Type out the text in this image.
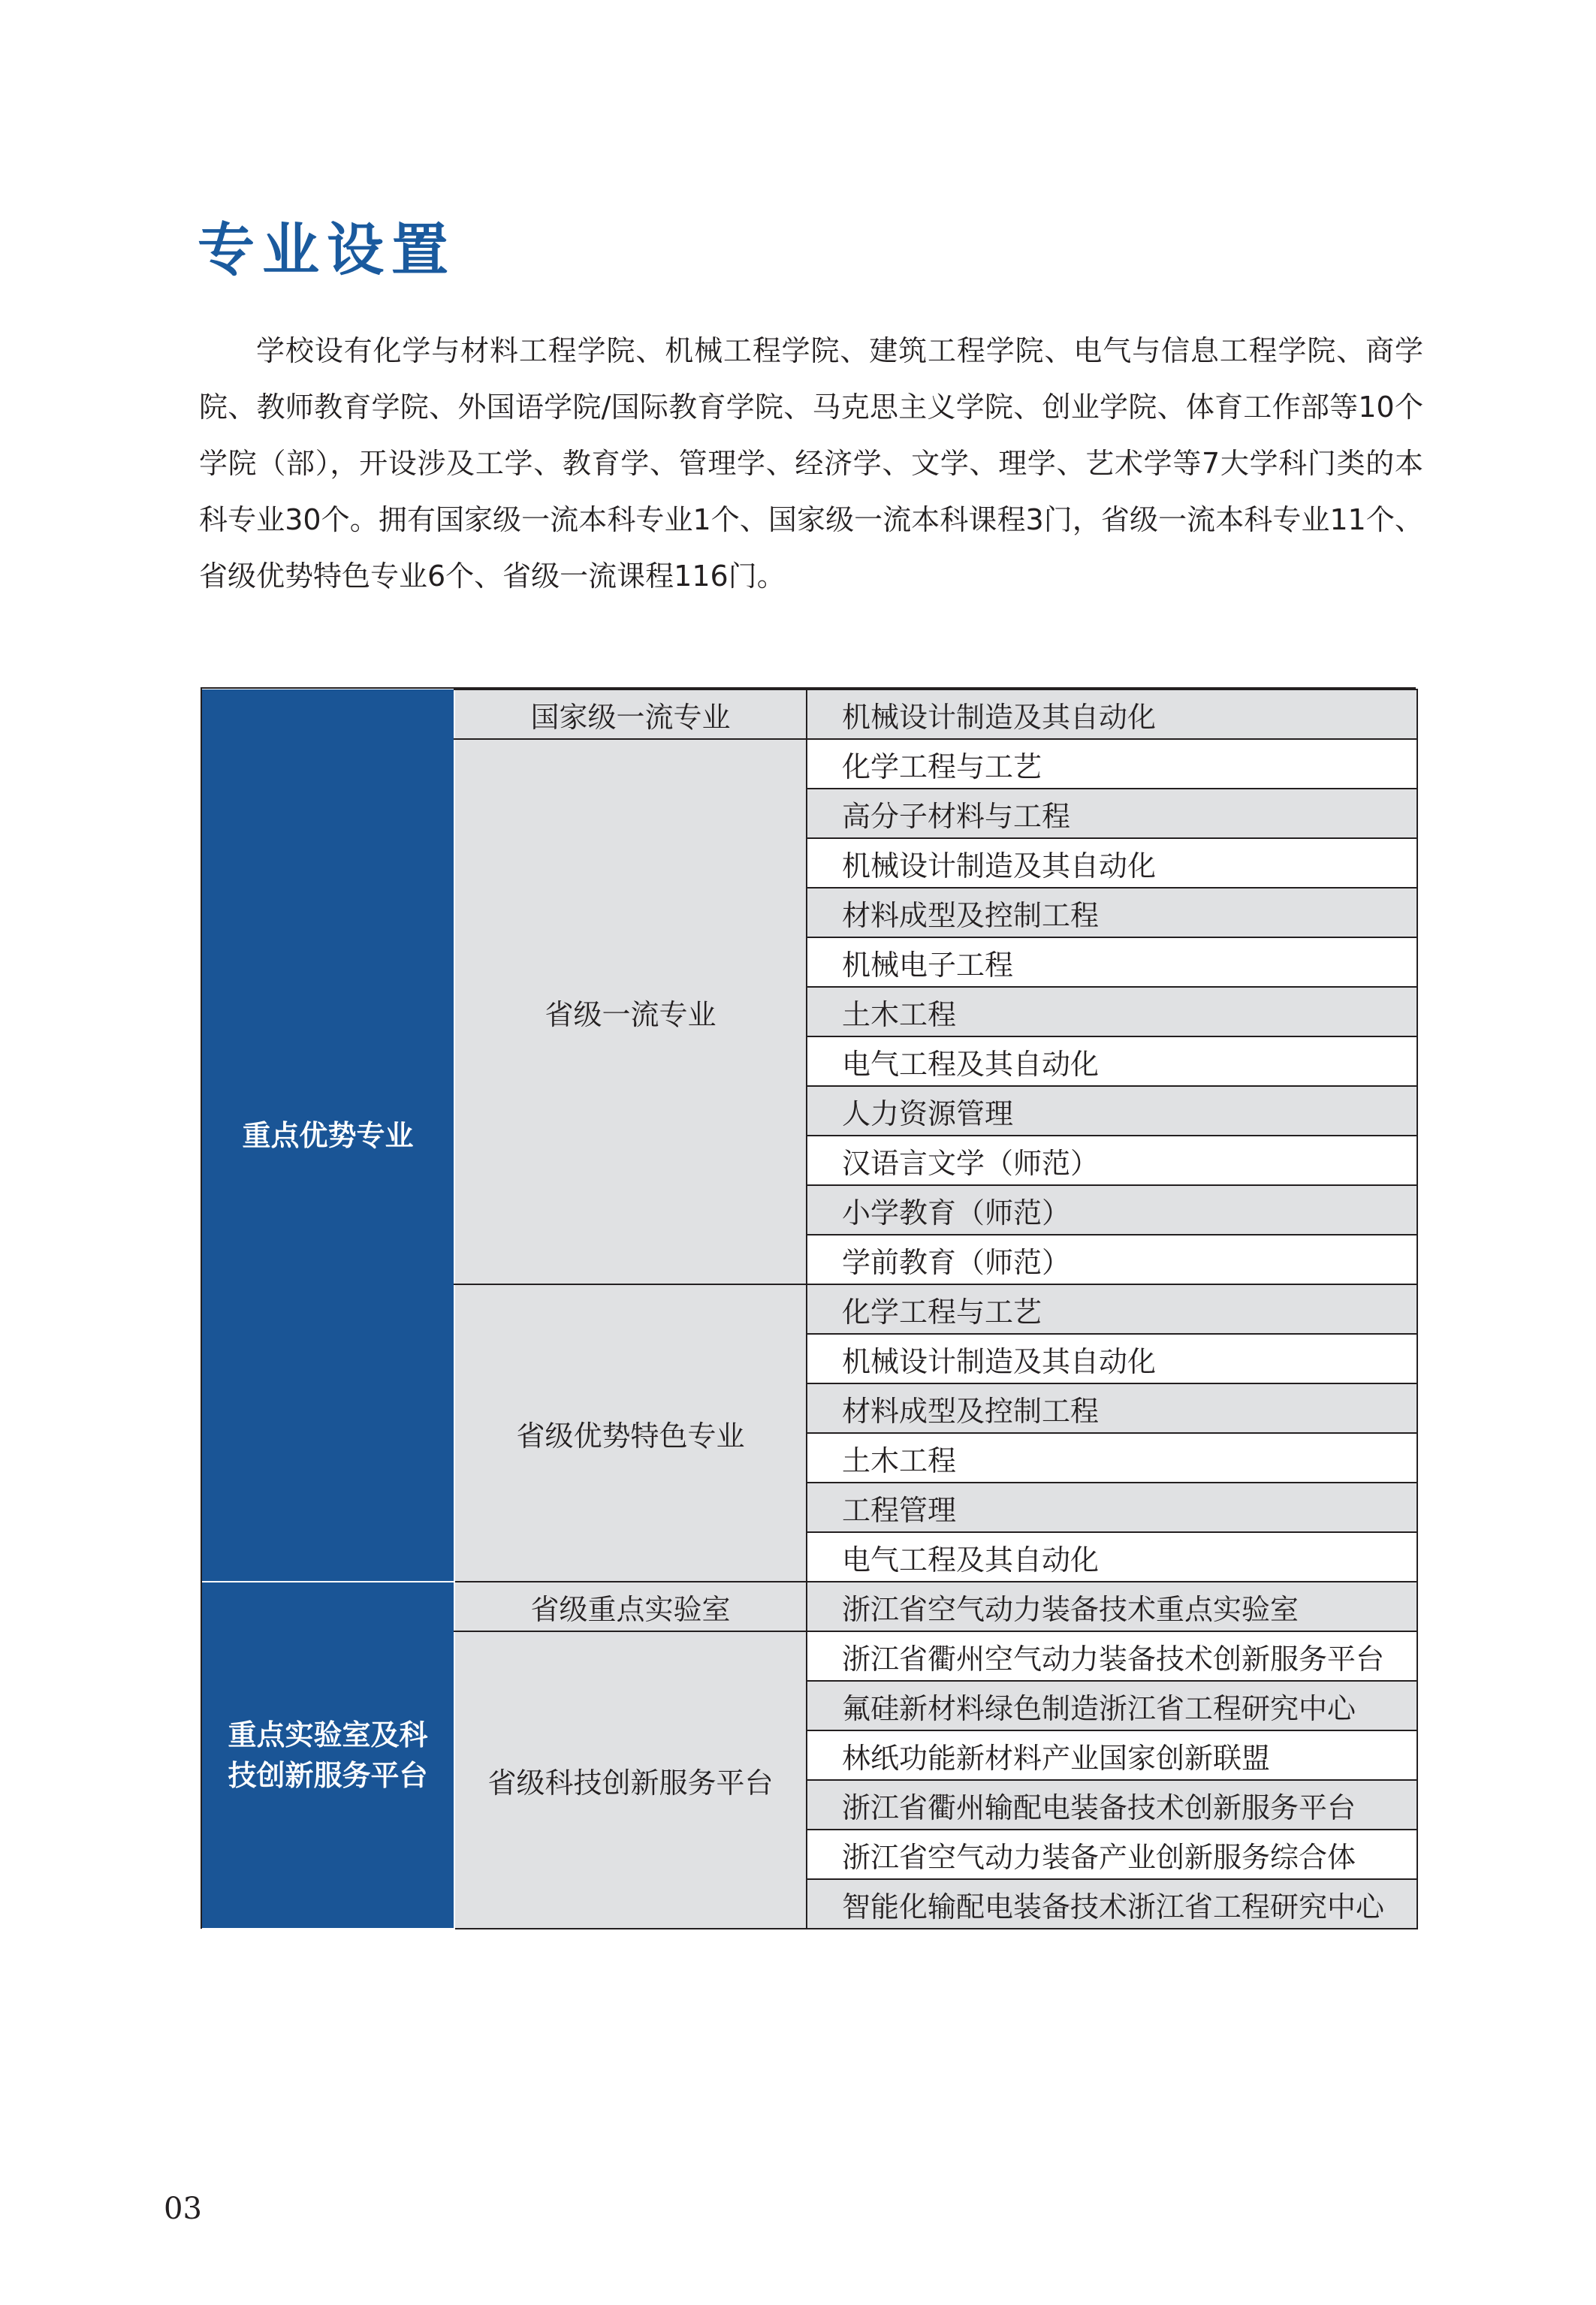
专业设置

学校设有化学与材料工程学院、机械工程学院、建筑工程学院、电气与信息工程学院、商学院、教师教育学院、外国语学院/国际教育学院、马克思主义学院、创业学院、体育工作部等10个学院（部），开设涉及工学、教育学、管理学、经济学、文学、理学、艺术学等7大学科门类的本科专业30个。拥有国家级一流本科专业1个、国家级一流本科课程3门，省级一流本科专业11个、省级优势特色专业6个、省级一流课程116门。

重点优势专业	国家级一流专业	机械设计制造及其自动化
	省级一流专业	化学工程与工艺
		高分子材料与工程
		机械设计制造及其自动化
		材料成型及控制工程
		机械电子工程
		土木工程
		电气工程及其自动化
		人力资源管理
		汉语言文学（师范）
		小学教育（师范）
		学前教育（师范）
	省级优势特色专业	化学工程与工艺
		机械设计制造及其自动化
		材料成型及控制工程
		土木工程
		工程管理
		电气工程及其自动化
重点实验室及科技创新服务平台	省级重点实验室	浙江省空气动力装备技术重点实验室
	省级科技创新服务平台	浙江省衢州空气动力装备技术创新服务平台
		氟硅新材料绿色制造浙江省工程研究中心
		林纸功能新材料产业国家创新联盟
		浙江省衢州输配电装备技术创新服务平台
		浙江省空气动力装备产业创新服务综合体
		智能化输配电装备技术浙江省工程研究中心

03
